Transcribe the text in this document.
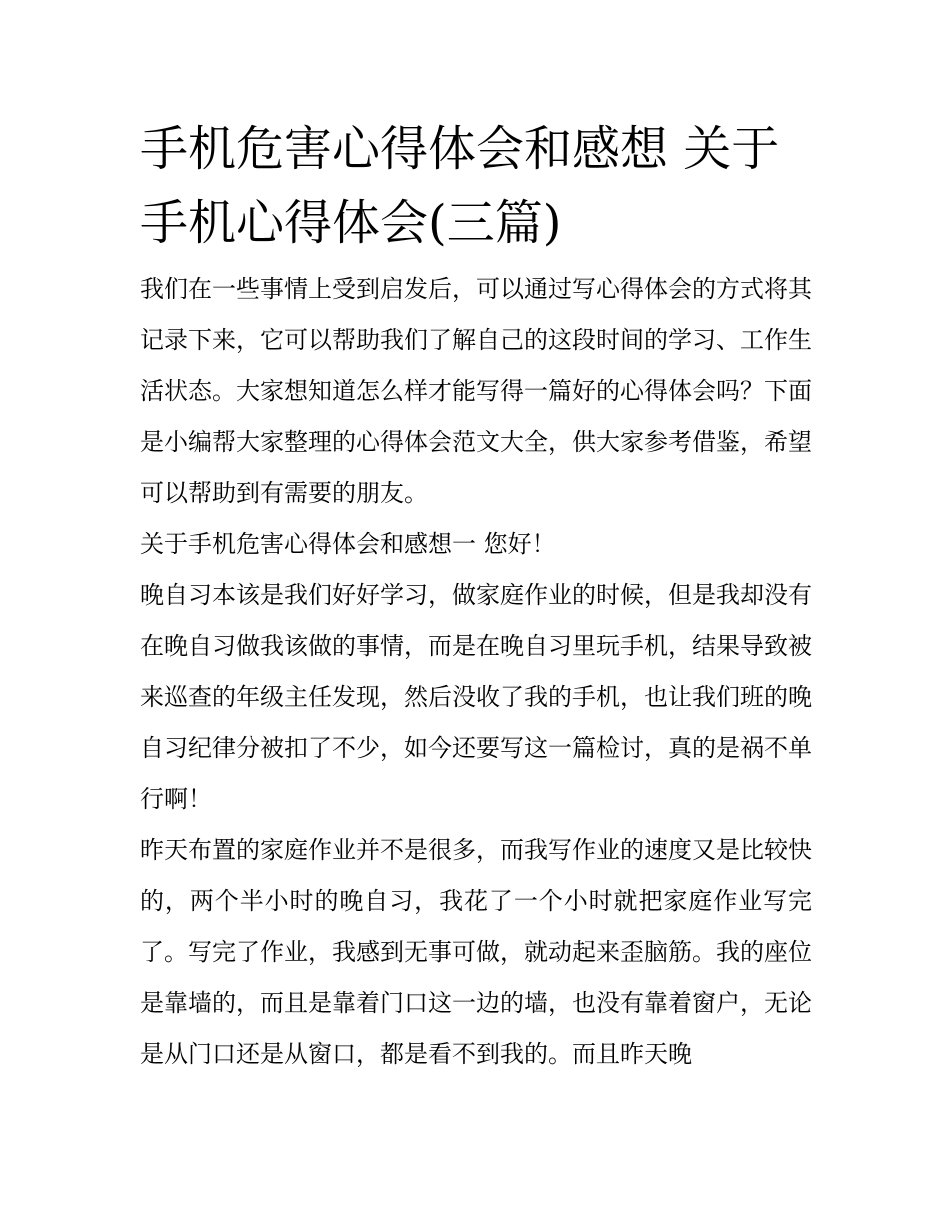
手机危害心得体会和感想 关于手机心得体会(三篇)

我们在一些事情上受到启发后，可以通过写心得体会的方式将其记录下来，它可以帮助我们了解自己的这段时间的学习、工作生活状态。大家想知道怎么样才能写得一篇好的心得体会吗？下面是小编帮大家整理的心得体会范文大全，供大家参考借鉴，希望可以帮助到有需要的朋友。

关于手机危害心得体会和感想一 您好！

晚自习本该是我们好好学习，做家庭作业的时候，但是我却没有在晚自习做我该做的事情，而是在晚自习里玩手机，结果导致被来巡查的年级主任发现，然后没收了我的手机，也让我们班的晚自习纪律分被扣了不少，如今还要写这一篇检讨，真的是祸不单行啊！

昨天布置的家庭作业并不是很多，而我写作业的速度又是比较快的，两个半小时的晚自习，我花了一个小时就把家庭作业写完了。写完了作业，我感到无事可做，就动起来歪脑筋。我的座位是靠墙的，而且是靠着门口这一边的墙，也没有靠着窗户，无论是从门口还是从窗口，都是看不到我的。而且昨天晚
